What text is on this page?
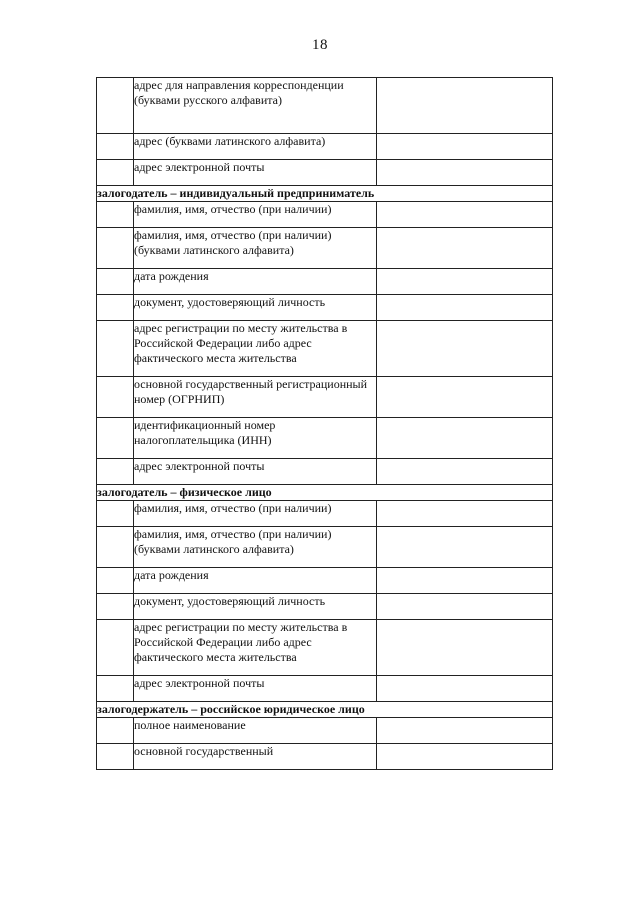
18
	адрес для направления корреспонденции (буквами русского алфавита)	
	адрес (буквами латинского алфавита)	
	адрес электронной почты	
залогодатель – индивидуальный предприниматель		
	фамилия, имя, отчество (при наличии)	
	фамилия, имя, отчество (при наличии) (буквами латинского алфавита)	
	дата рождения	
	документ, удостоверяющий личность	
	адрес регистрации по месту жительства в Российской Федерации либо адрес фактического места жительства	
	основной государственный регистрационный номер (ОГРНИП)	
	идентификационный номер налогоплательщика (ИНН)	
	адрес электронной почты	
залогодатель – физическое лицо		
	фамилия, имя, отчество (при наличии)	
	фамилия, имя, отчество (при наличии) (буквами латинского алфавита)	
	дата рождения	
	документ, удостоверяющий личность	
	адрес регистрации по месту жительства в Российской Федерации либо адрес фактического места жительства	
	адрес электронной почты	
залогодержатель – российское юридическое лицо		
	полное наименование	
	основной государственный	
